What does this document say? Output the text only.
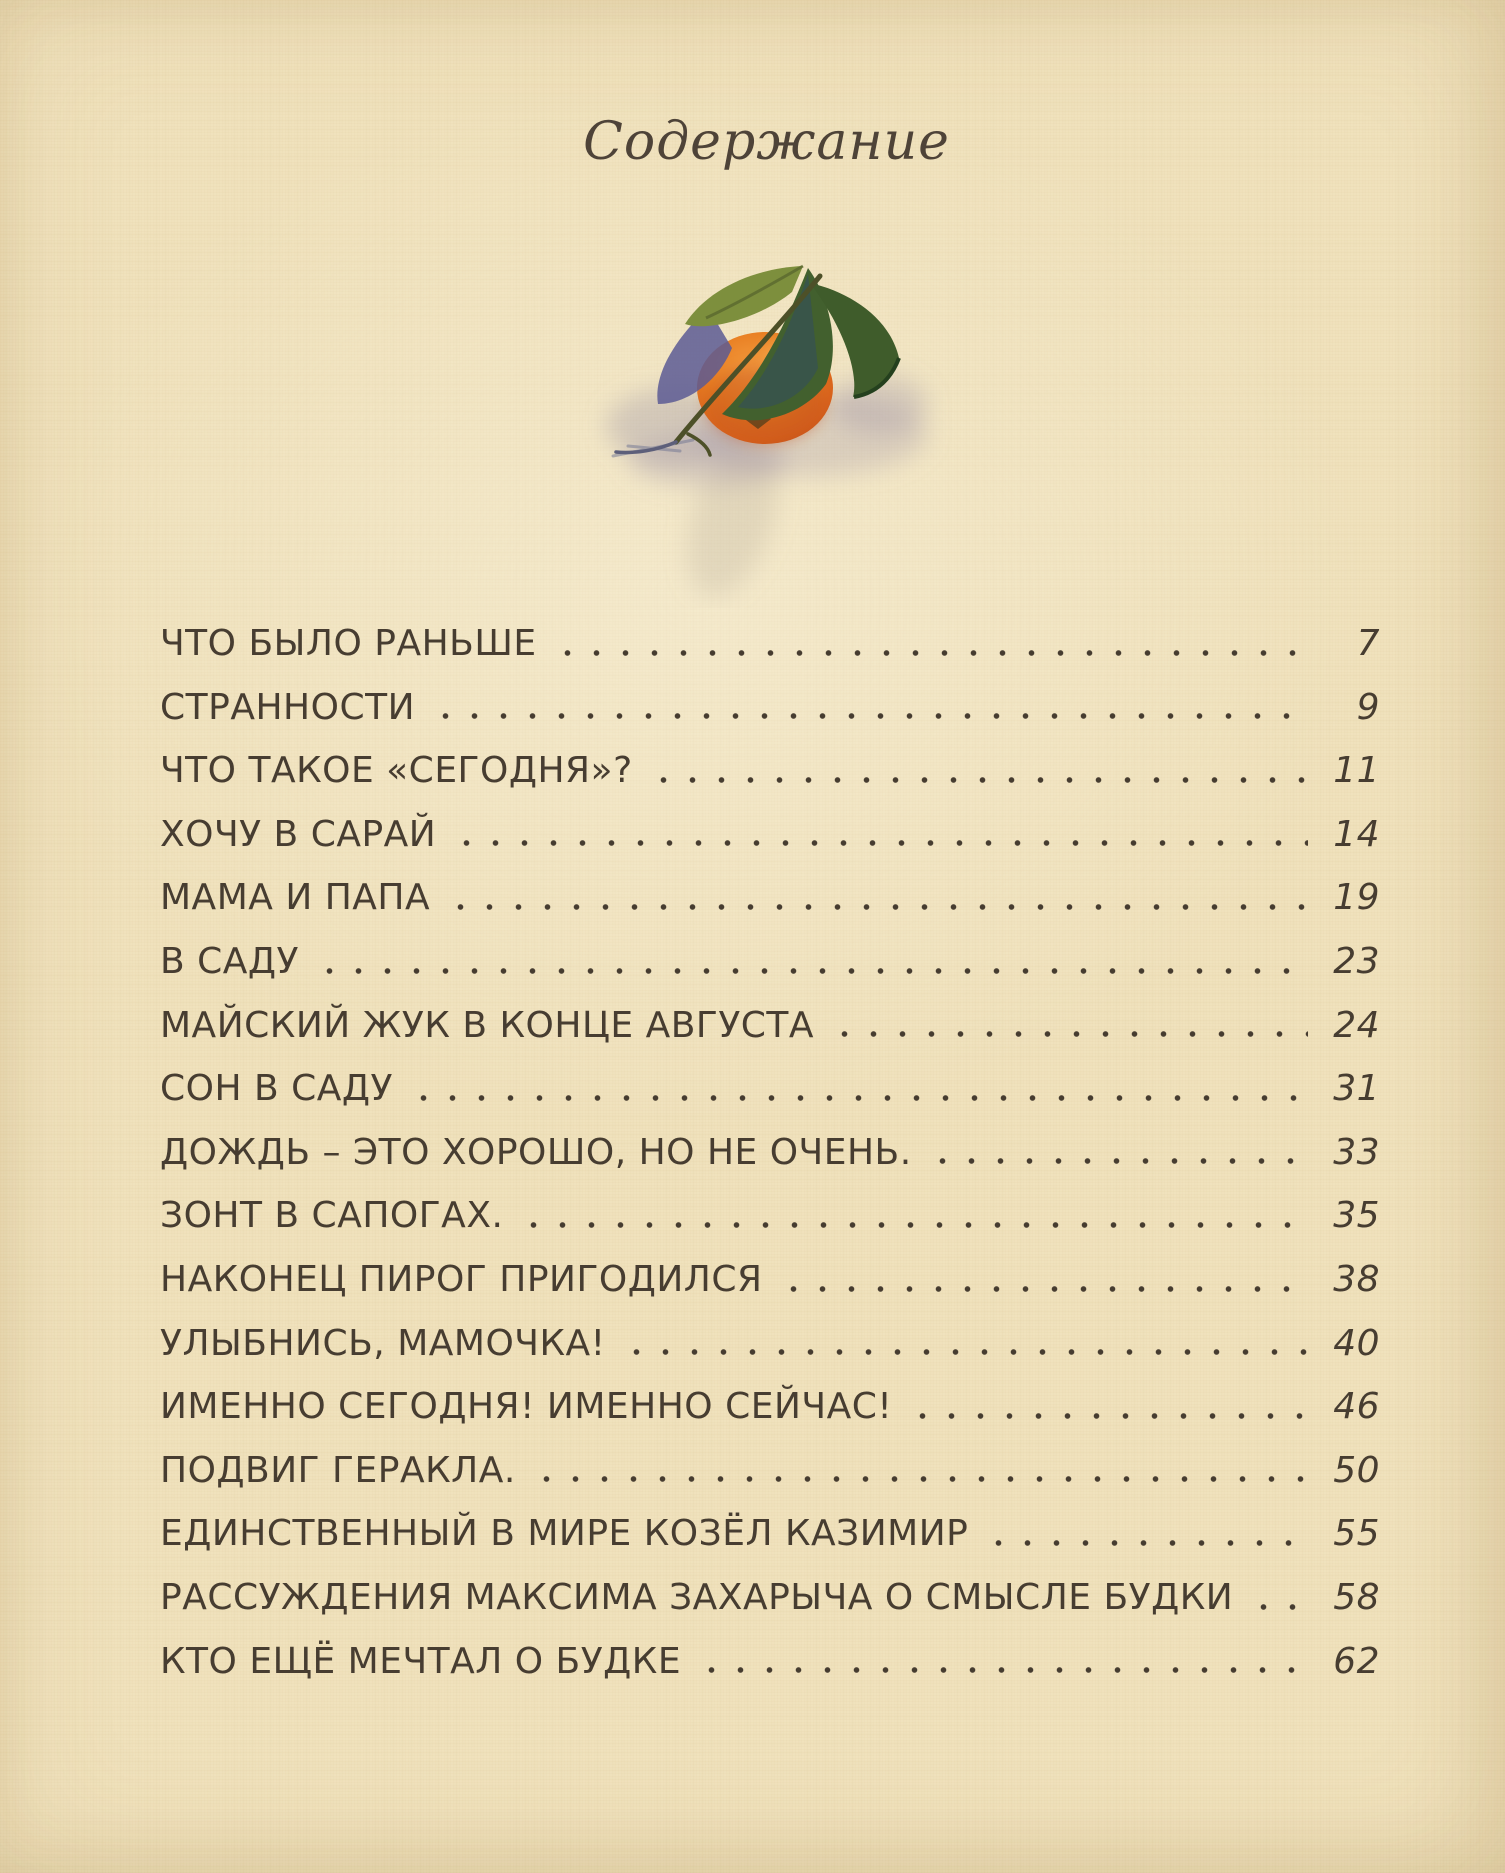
Содержание
ЧТО БЫЛО РАНЬШЕ	7
СТРАННОСТИ	9
ЧТО ТАКОЕ «СЕГОДНЯ»?	11
ХОЧУ В САРАЙ	14
МАМА И ПАПА	19
В САДУ	23
МАЙСКИЙ ЖУК В КОНЦЕ АВГУСТА	24
СОН В САДУ	31
ДОЖДЬ – ЭТО ХОРОШО, НО НЕ ОЧЕНЬ.	33
ЗОНТ В САПОГАХ.	35
НАКОНЕЦ ПИРОГ ПРИГОДИЛСЯ	38
УЛЫБНИСЬ, МАМОЧКА!	40
ИМЕННО СЕГОДНЯ! ИМЕННО СЕЙЧАС!	46
ПОДВИГ ГЕРАКЛА.	50
ЕДИНСТВЕННЫЙ В МИРЕ КОЗЁЛ КАЗИМИР	55
РАССУЖДЕНИЯ МАКСИМА ЗАХАРЫЧА О СМЫСЛЕ БУДКИ	58
КТО ЕЩЁ МЕЧТАЛ О БУДКЕ	62
